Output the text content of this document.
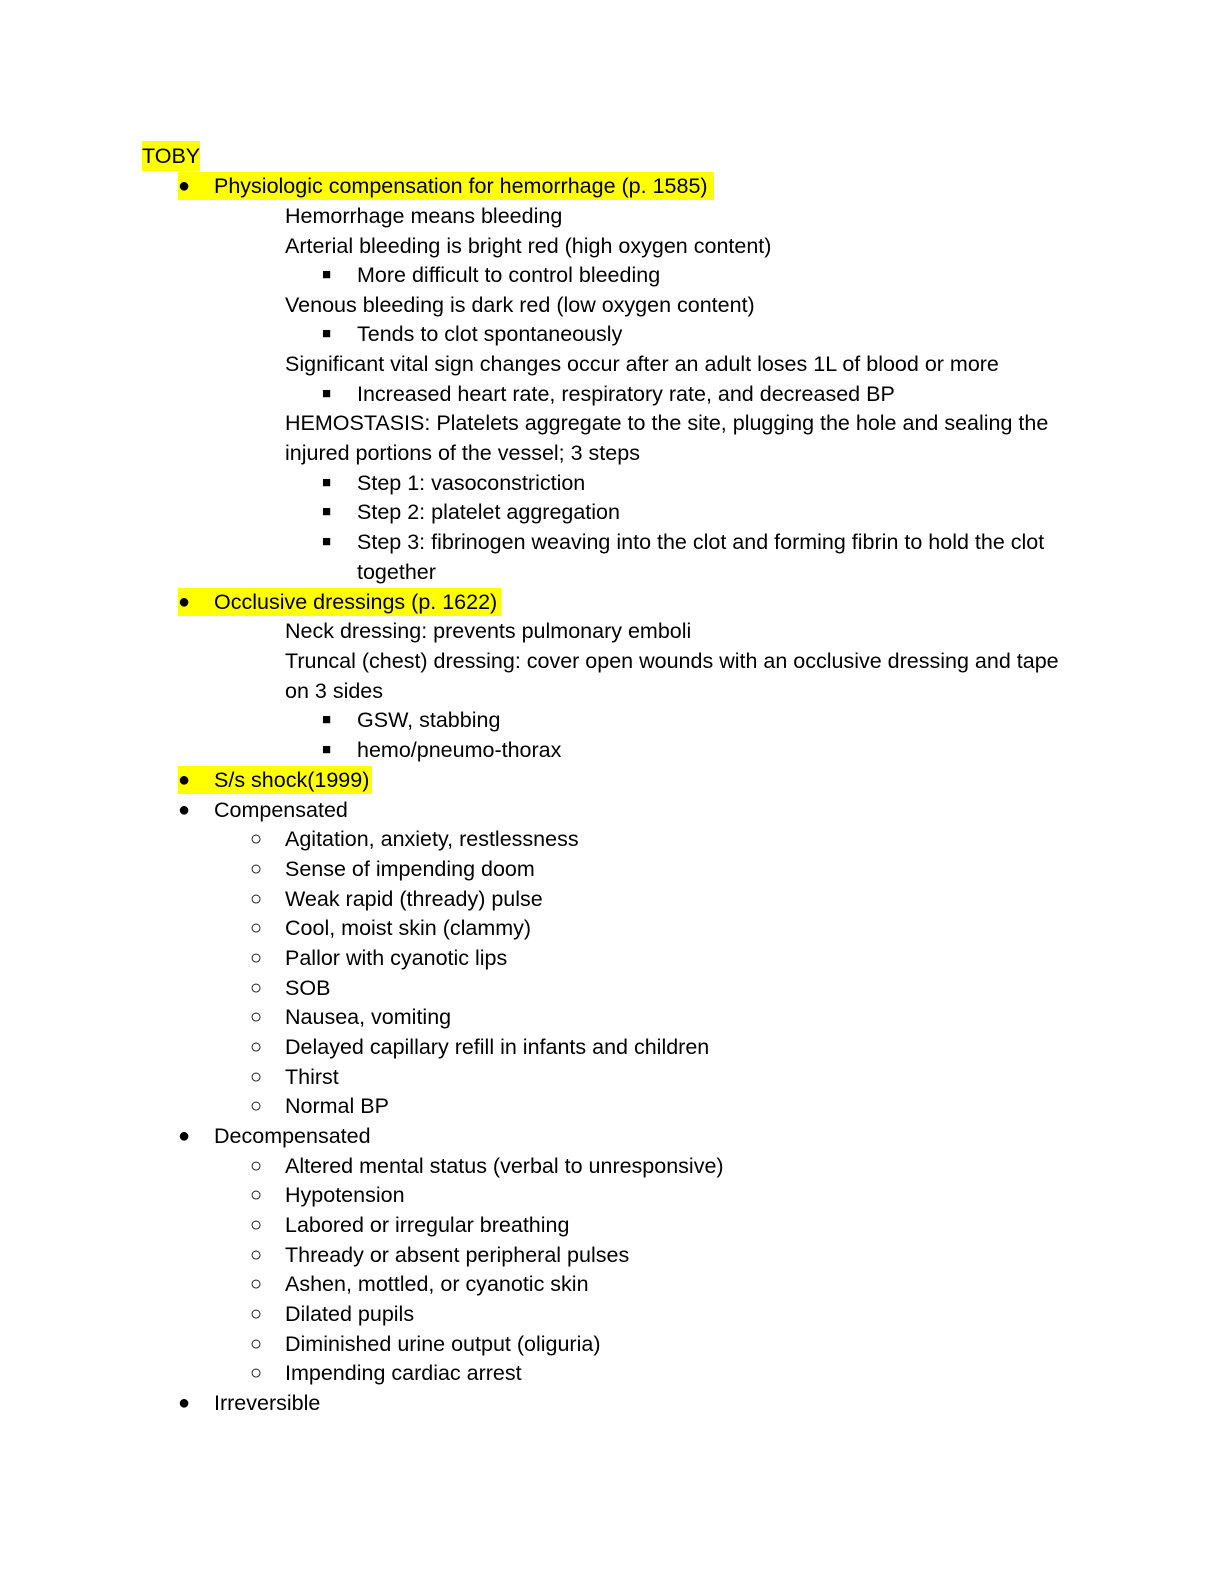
TOBY
● Physiologic compensation for hemorrhage (p. 1585)
Hemorrhage means bleeding
Arterial bleeding is bright red (high oxygen content)
■ More difficult to control bleeding
Venous bleeding is dark red (low oxygen content)
■ Tends to clot spontaneously
Significant vital sign changes occur after an adult loses 1L of blood or more
■ Increased heart rate, respiratory rate, and decreased BP
HEMOSTASIS: Platelets aggregate to the site, plugging the hole and sealing the
injured portions of the vessel; 3 steps
■ Step 1: vasoconstriction
■ Step 2: platelet aggregation
■ Step 3: fibrinogen weaving into the clot and forming fibrin to hold the clot
together
● Occlusive dressings (p. 1622)
Neck dressing: prevents pulmonary emboli
Truncal (chest) dressing: cover open wounds with an occlusive dressing and tape
on 3 sides
■ GSW, stabbing
■ hemo/pneumo-thorax
● S/s shock(1999)
● Compensated
○ Agitation, anxiety, restlessness
○ Sense of impending doom
○ Weak rapid (thready) pulse
○ Cool, moist skin (clammy)
○ Pallor with cyanotic lips
○ SOB
○ Nausea, vomiting
○ Delayed capillary refill in infants and children
○ Thirst
○ Normal BP
● Decompensated
○ Altered mental status (verbal to unresponsive)
○ Hypotension
○ Labored or irregular breathing
○ Thready or absent peripheral pulses
○ Ashen, mottled, or cyanotic skin
○ Dilated pupils
○ Diminished urine output (oliguria)
○ Impending cardiac arrest
● Irreversible
